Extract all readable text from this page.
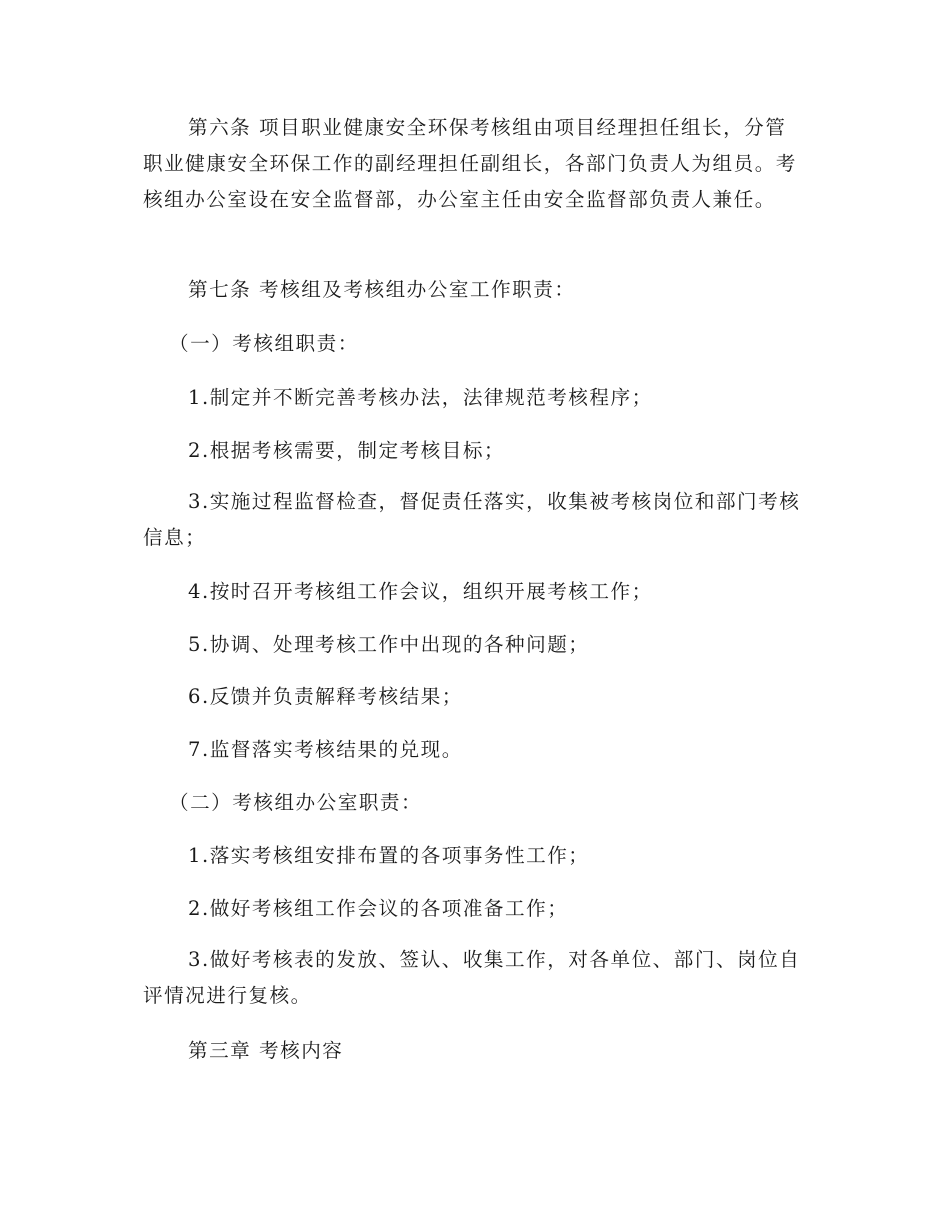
第六条 项目职业健康安全环保考核组由项目经理担任组长，分管职业健康安全环保工作的副经理担任副组长，各部门负责人为组员。考核组办公室设在安全监督部，办公室主任由安全监督部负责人兼任。

第七条 考核组及考核组办公室工作职责：

（一）考核组职责：

1.制定并不断完善考核办法，法律规范考核程序；

2.根据考核需要，制定考核目标；

3.实施过程监督检查，督促责任落实，收集被考核岗位和部门考核信息；

4.按时召开考核组工作会议，组织开展考核工作；

5.协调、处理考核工作中出现的各种问题；

6.反馈并负责解释考核结果；

7.监督落实考核结果的兑现。

（二）考核组办公室职责：

1.落实考核组安排布置的各项事务性工作；

2.做好考核组工作会议的各项准备工作；

3.做好考核表的发放、签认、收集工作，对各单位、部门、岗位自评情况进行复核。

第三章 考核内容
